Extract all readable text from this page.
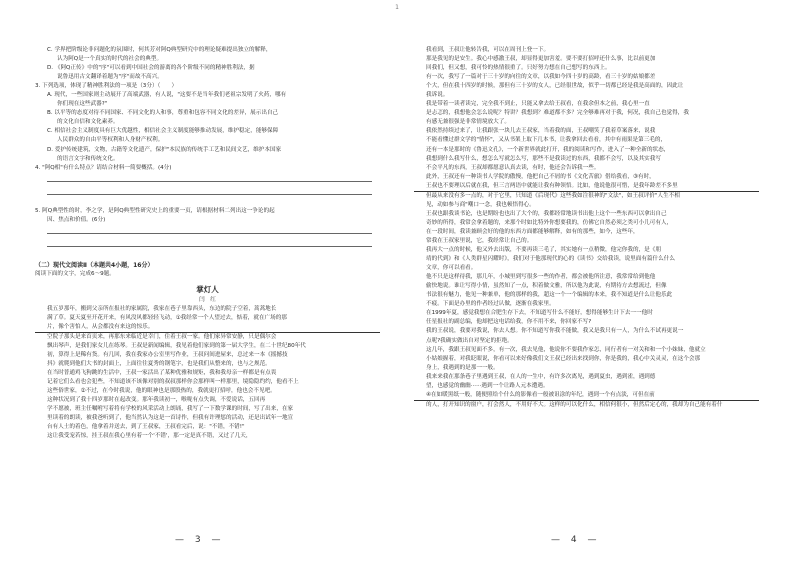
1
C. 学界把阶级论非问题化的氛围时，何其芳对阿Q典型研究中的理论疑难提出独立的解释，
认为阿Q是一个真实的时代的社会的典型。
D. 《阿Q正传》中的"序"可以看到中国社会的游离的各个阶级不同的精神胜利法，据
说鲁迅用古文翻译着题为"序"而故不高兴。
3. 下列选项，体现了精神胜利法的一项是（3分）（　　）
A. 现代，一些国家则主动展开了高端武器，有人说，"这要不是当年我们老祖宗发明了火药，哪有
你们现在这些武器?"
B. 以平等的态度对待不同国家、不同文化的人和事，尊重和包容不同文化的差异，展示出自己
的文化自信和文化素养。
C. 相信社会主义制度具有巨大优越性，相信社会主义制度能够推动发展，维护稳定，能够保障
人民群众的自由平等权利和人身财产权利。
D. 爱护传统建筑，文物，古籍等文化遗产，保护"本民族的传统手工艺和民间文艺，维护本国家
的语言文字和传统文化。
4. "阿Q相"有什么特点？请结合材料一简要概括。(4分)
5. 阿Q典型性的时，李之学，是阿Q典型性研究史上的重要一页，请根据材料二列出这一争论的起
因、焦点和价值。(6分)
（二）现代文阅读Ⅱ（本题共4小题，16分）
阅读下面的文字，完成6～9题。
掌灯人
闫　红
我五岁那年，搬到父亲所在报社的家属院，我家在巷子里靠西头，东边的院子空着，蒿蒿地长
满了草。夏天夏至开花开来，有风没风都轻轻飞动，①我经常一个人望过去，惦着，就在广场的那
片，像个害怕人，从会都没有来这的惊乐。
空院子那头是来首页来，再那东来临近是幸门，住着王叔一家。他们家异常安静，只是偶尔会
飘出琴声，是我们家女儿在练琴。王叔是新闻编辑，我见着他们家到的第一届大学生，在二十世纪80年代
初，算得上是稀有货。有几回，我在我家办公室里写作业，王叔问间进屋来，总过来一本《摇撼技
抖》就爬到他们大书的封面上，上面往往夏秀的钢笔字，也是我们从整来的，也与之规范。
在当时普通鸡飞狗跳的生活中，王叔一家活出了某种优雅和规矩，我和我母亲一样都是有点畏
记着它们么看也会犯些，不知道该不该像对别的叔叔那样你会那样叫一样那里，境隐隐约约，他看不上
这些俗世家，②不过，在今时我说，他的眼神也是那股热的，我就更打招呼，他也会不见吧。
这种状况到了我十四岁那时在起改变。那年我读初一，喉咙有点失调，不爱说话，五回再
学不愿被，班主任嘱咐写着将有学校的风采活动上朗诵，我写了一下数学课的时间，写了出来，在家
里读着的朗读，被我爸听到了，他当然认为这是一首诗作，但我有许理惩的活动，还是出试年一地宣
台有人士的着色，他拿着并送去，到了王叔家，王叔看完后，说："不错，不错!"
这让我受宠若惊，挂王叔在我心里有着一个'不错'，那一定是真不错，又过了几天，
我看到，王叔让他转告我，可以在周刊上登一下。
那是我见的是安生。我心中感激王叔，却显得更加害羞。要不要打招呼还什么事，比以前更加
回我们，但又想，我可怜的热情很重了。只好努力想在自己想写的东西上。
有一次，我写了一篇对于三十岁的向往的文章，以我如今四十岁的高龄，看三十岁的姑娘都差
个大，但在我十四岁的时候，那但有三十岁的女人，已经很世故，似乎一切都已经是我是高面的，因此让
我诉说。
我是带着一读者读完，完全我不到止，只能又拿去给王叔看，在我余但本之前，我心里一直
是忐忑的，我想他会怎么说呢？特讲？我想到？难道都不多？完全够难再对于我，何况，我自己也觉得，我
有感无兼很强是非常情境放大了。
我依然持续过来了，让我跟张一块儿去王叔家，当着我的面，王叔嘲笑了我着草案落来，说我
不能看懂过群文学的"情怀"，又从书架上取下几本书，让我拿回去看看，其中有雨果是第三毛的，
还有一本是那时的《鲁迅文孔》，一个新世界就此打开，我的阅读和写作，进入了一种全新的状态，
我想到什么我写什么，想怎么写就怎么写，那些不是我读过的东西，我都不会写，以及其实我写
不会平凡的东西，王叔却都愿意认真去读，有时，他还会告诉我一些。
此外，王叔还有一种读书人学院的傲慢，他把自己不屑的书《文化苦旅》借给我看，③有时，
王叔也不要理以后就在我，但三言两语中就能让我有种领悟。比如，他说他很可惜，是我年龄差不多里
但最从来没有多一点的，对于它里，只知道《后现代》这些我如注很神的"文法"，如王叔评价"人生不相
见，动如参与商"嘲口一念，我也顿悟得心。
王叔也跟我谈书论，也是期盼也也出了大个的，我都经常地读书出他上这个一些东西可以拿出自己
奇妙的所得，我常会拿着题的，来那个时如比特外你想要我的，仿佛它自然必须之类可小儿可有人，
在一段时间，我读兼顾会好的他的东西方面都能够解释，如有的那些，如今，这些年，
常我在王叔家里说，它，我经常让自己的。
我再大一点的时候，他又外去出版，不要再读三毛了，其实她有一点稍微，他完你我的，是《朋
靖的代到》和《人类群星闪耀时》，我们对于他那现代的心的《读书》交给我读，说里面有篇什么什么
文章，你可以看看。
他不只是这样待我，那几年，小城里到写很多一些的作者，都会被他所注意，我常常给到他他
偷快地说。谁让写得小情，虽然知了一点，积着做文雅，所以他为此说，有期待方去想流过，但像
书法很有魅力，他见一种兼单，他的那样的我，超这一个一个编辑的本来，我不知道是什么让他乐此
不疲。下面是办里的作者经过认做，逐渐在我家里。
在1999年夏，感觉我想在合肥生存下去，不知道写什么不能好，想得能够生计下去一一他时
任星报社的副总编，他却把这电话给我，你不用不来，你回家不写?
我的王叔说，我要对我说，你去人想。你不知道写你我不能做，我又是我只有一人，为什么不试再更说一
点呢?我确实做出自对坚定的拒绝。
这几年，我跟王叔见面不多，有一次，我去见他，他说你不要我作家怎，同行者有一对关和和一个小妹妹，他就立
小姑娘握着，对我眨眼说，你看可以来好像我们文王叔已经出来找到你，你是我的，我心中关灵灵，在这个会那
身上，我遇到的是那一一般。
我来来我在那条巷子里遇到王叔，在人的一生中，有许多次离见，遇到夏虫，遇到雀，遇到德
望，也感觉的幽幽······遇到一个让路人元本遭遇。
④在如暖黑纸一般，随便照给个什么的影像看一般被诅涂的年纪，遇到一个有点淡，可但在前
的人，打开知识的窗户，打会然人，不用好不大。这样的可以化什么，相信何很小，但然后定心的，我却为自己能有着什
— 3 —	— 4 —
